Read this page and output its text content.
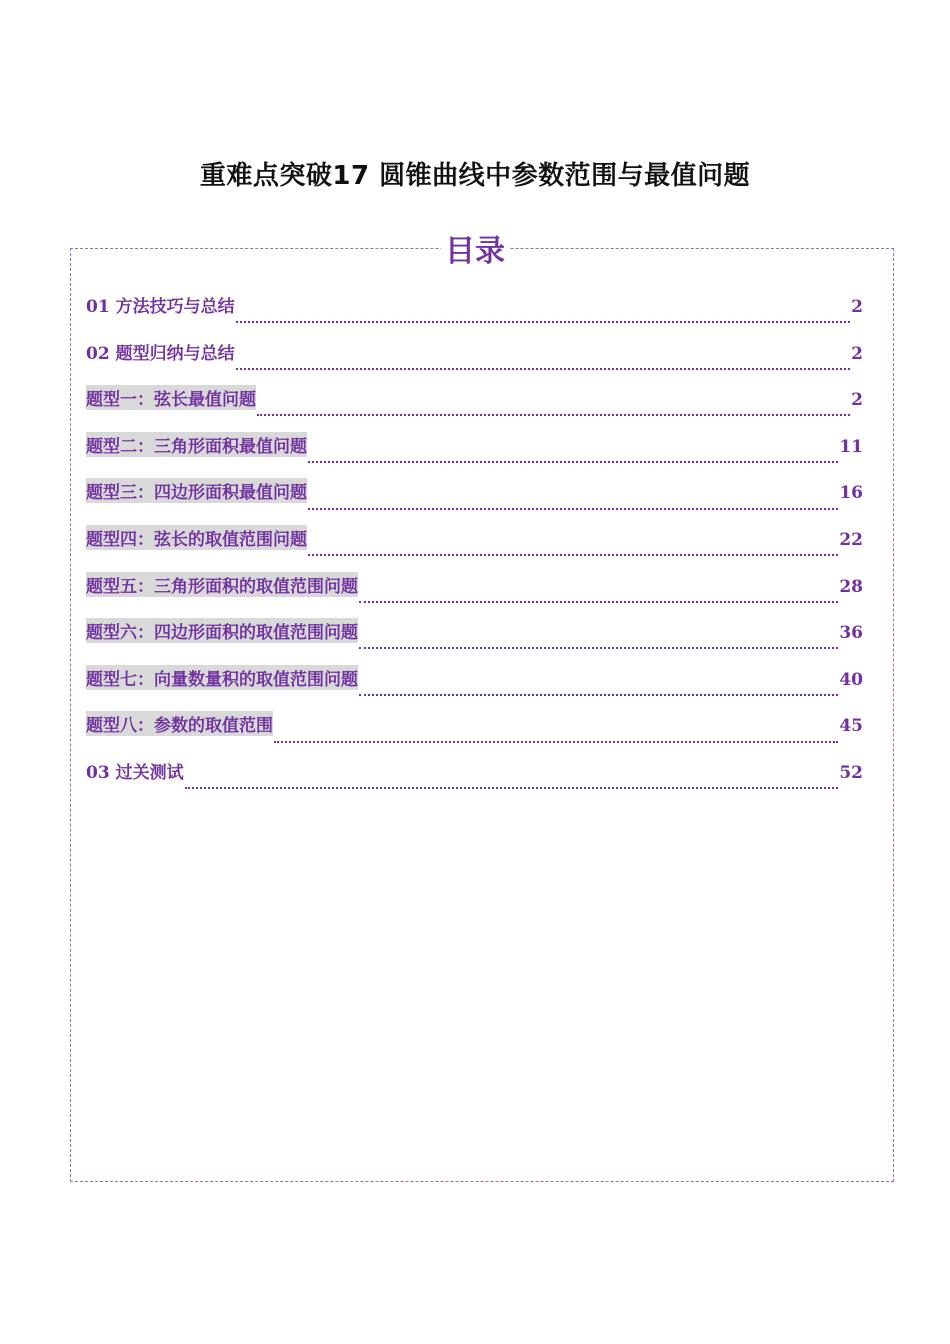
重难点突破17 圆锥曲线中参数范围与最值问题
目录
01 方法技巧与总结	2
02 题型归纳与总结	2
题型一：弦长最值问题	2
题型二：三角形面积最值问题	11
题型三：四边形面积最值问题	16
题型四：弦长的取值范围问题	22
题型五：三角形面积的取值范围问题	28
题型六：四边形面积的取值范围问题	36
题型七：向量数量积的取值范围问题	40
题型八：参数的取值范围	45
03 过关测试	52
